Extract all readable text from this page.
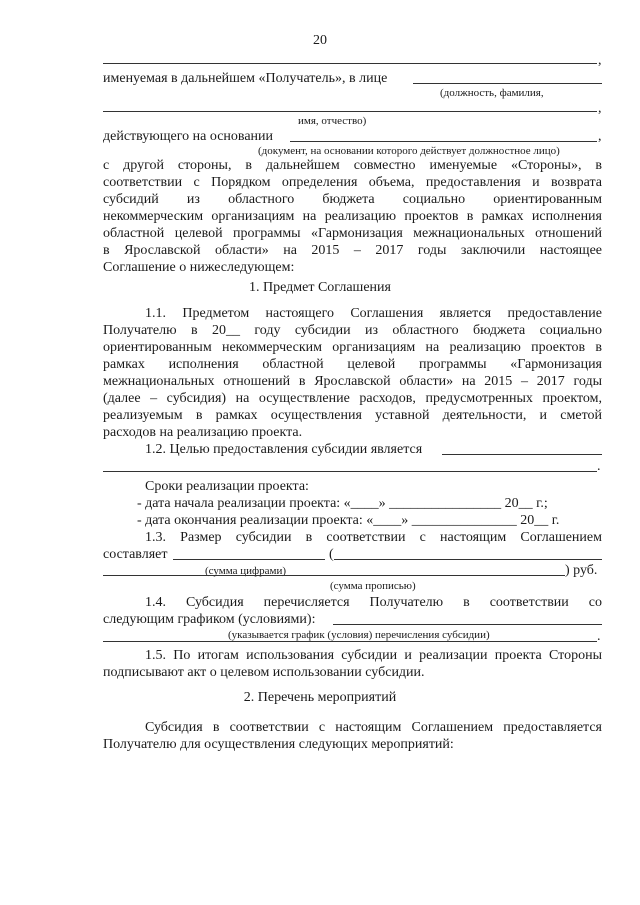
20
,
именуемая в дальнейшем «Получатель», в лице
(должность, фамилия,
,
имя, отчество)
действующего на основании	,
(документ, на основании которого действует должностное лицо)
с другой стороны, в дальнейшем совместно именуемые «Стороны», в
соответствии с Порядком определения объема, предоставления и возврата
субсидий из областного бюджета социально ориентированным
некоммерческим организациям на реализацию проектов в рамках исполнения
областной целевой программы «Гармонизация межнациональных отношений
в Ярославской области» на 2015 – 2017 годы заключили настоящее
Соглашение о нижеследующем:
1. Предмет Соглашения
1.1. Предметом настоящего Соглашения является предоставление
Получателю в 20__ году субсидии из областного бюджета социально
ориентированным некоммерческим организациям на реализацию проектов в
рамках исполнения областной целевой программы «Гармонизация
межнациональных отношений в Ярославской области» на 2015 – 2017 годы
(далее – субсидия) на осуществление расходов, предусмотренных проектом,
реализуемым в рамках осуществления уставной деятельности, и сметой
расходов на реализацию проекта.
1.2. Целью предоставления субсидии является
.
Сроки реализации проекта:
- дата начала реализации проекта: «____» ________________ 20__ г.;
- дата окончания реализации проекта: «____» _______________ 20__ г.
1.3. Размер субсидии в соответствии с настоящим Соглашением
составляет	(
(сумма цифрами)	) руб.
(сумма прописью)
1.4. Субсидия перечисляется Получателю в соответствии со
следующим графиком (условиями):
.
(указывается график (условия) перечисления субсидии)
1.5. По итогам использования субсидии и реализации проекта Стороны
подписывают акт о целевом использовании субсидии.
2. Перечень мероприятий
Субсидия в соответствии с настоящим Соглашением предоставляется
Получателю для осуществления следующих мероприятий:
